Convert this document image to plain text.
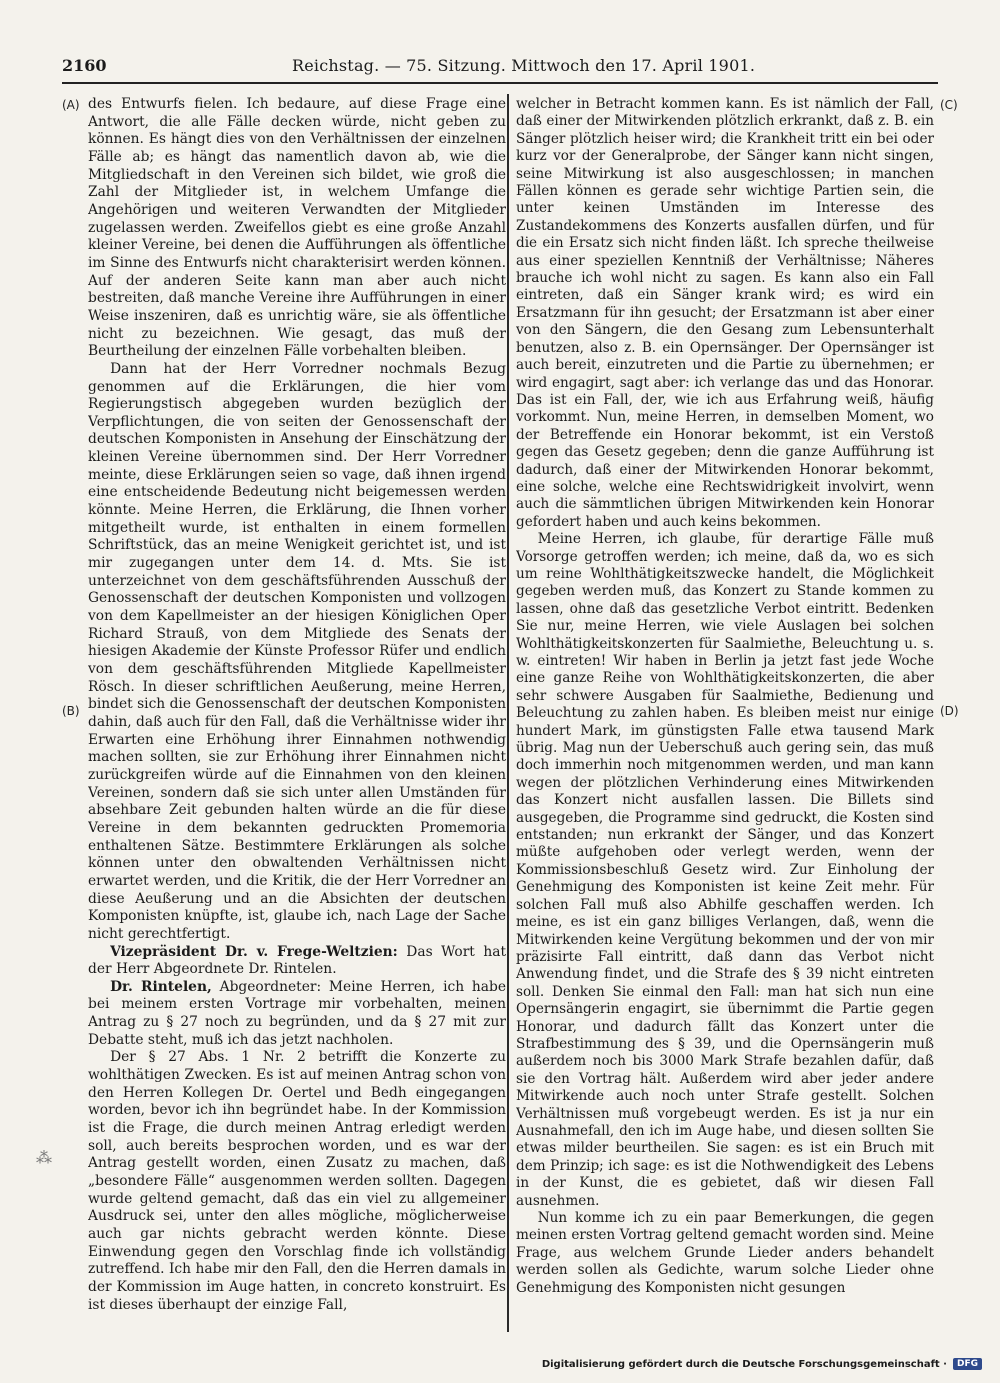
2160	Reichstag. — 75. Sitzung. Mittwoch den 17. April 1901.
(A)
(B)
(C)
(D)

des Entwurfs fielen. Ich bedaure, auf diese Frage eine Antwort, die alle Fälle decken würde, nicht geben zu können. Es hängt dies von den Verhältnissen der einzelnen Fälle ab; es hängt das namentlich davon ab, wie die Mitgliedschaft in den Vereinen sich bildet, wie groß die Zahl der Mitglieder ist, in welchem Umfange die Angehörigen und weiteren Verwandten der Mitglieder zugelassen werden. Zweifellos giebt es eine große Anzahl kleiner Vereine, bei denen die Aufführungen als öffentliche im Sinne des Entwurfs nicht charakterisirt werden können. Auf der anderen Seite kann man aber auch nicht bestreiten, daß manche Vereine ihre Aufführungen in einer Weise inszeniren, daß es unrichtig wäre, sie als öffentliche nicht zu bezeichnen. Wie gesagt, das muß der Beurtheilung der einzelnen Fälle vorbehalten bleiben.

Dann hat der Herr Vorredner nochmals Bezug genommen auf die Erklärungen, die hier vom Regierungstisch abgegeben wurden bezüglich der Verpflichtungen, die von seiten der Genossenschaft der deutschen Komponisten in Ansehung der Einschätzung der kleinen Vereine übernommen sind. Der Herr Vorredner meinte, diese Erklärungen seien so vage, daß ihnen irgend eine entscheidende Bedeutung nicht beigemessen werden könnte. Meine Herren, die Erklärung, die Ihnen vorher mitgetheilt wurde, ist enthalten in einem formellen Schriftstück, das an meine Wenigkeit gerichtet ist, und ist mir zugegangen unter dem 14. d. Mts. Sie ist unterzeichnet von dem geschäftsführenden Ausschuß der Genossenschaft der deutschen Komponisten und vollzogen von dem Kapellmeister an der hiesigen Königlichen Oper Richard Strauß, von dem Mitgliede des Senats der hiesigen Akademie der Künste Professor Rüfer und endlich von dem geschäftsführenden Mitgliede Kapellmeister Rösch. In dieser schriftlichen Aeußerung, meine Herren, bindet sich die Genossenschaft der deutschen Komponisten dahin, daß auch für den Fall, daß die Verhältnisse wider ihr Erwarten eine Erhöhung ihrer Einnahmen nothwendig machen sollten, sie zur Erhöhung ihrer Einnahmen nicht zurückgreifen würde auf die Einnahmen von den kleinen Vereinen, sondern daß sie sich unter allen Umständen für absehbare Zeit gebunden halten würde an die für diese Vereine in dem bekannten gedruckten Promemoria enthaltenen Sätze. Bestimmtere Erklärungen als solche können unter den obwaltenden Verhältnissen nicht erwartet werden, und die Kritik, die der Herr Vorredner an diese Aeußerung und an die Absichten der deutschen Komponisten knüpfte, ist, glaube ich, nach Lage der Sache nicht gerechtfertigt.

Vizepräsident Dr. v. Frege-Weltzien: Das Wort hat der Herr Abgeordnete Dr. Rintelen.

Dr. Rintelen, Abgeordneter: Meine Herren, ich habe bei meinem ersten Vortrage mir vorbehalten, meinen Antrag zu § 27 noch zu begründen, und da § 27 mit zur Debatte steht, muß ich das jetzt nachholen.

Der § 27 Abs. 1 Nr. 2 betrifft die Konzerte zu wohlthätigen Zwecken. Es ist auf meinen Antrag schon von den Herren Kollegen Dr. Oertel und Bedh eingegangen worden, bevor ich ihn begründet habe. In der Kommission ist die Frage, die durch meinen Antrag erledigt werden soll, auch bereits besprochen worden, und es war der Antrag gestellt worden, einen Zusatz zu machen, daß „besondere Fälle“ ausgenommen werden sollten. Dagegen wurde geltend gemacht, daß das ein viel zu allgemeiner Ausdruck sei, unter den alles mögliche, möglicherweise auch gar nichts gebracht werden könnte. Diese Einwendung gegen den Vorschlag finde ich vollständig zutreffend. Ich habe mir den Fall, den die Herren damals in der Kommission im Auge hatten, in concreto konstruirt. Es ist dieses überhaupt der einzige Fall,

welcher in Betracht kommen kann. Es ist nämlich der Fall, daß einer der Mitwirkenden plötzlich erkrankt, daß z. B. ein Sänger plötzlich heiser wird; die Krankheit tritt ein bei oder kurz vor der Generalprobe, der Sänger kann nicht singen, seine Mitwirkung ist also ausgeschlossen; in manchen Fällen können es gerade sehr wichtige Partien sein, die unter keinen Umständen im Interesse des Zustandekommens des Konzerts ausfallen dürfen, und für die ein Ersatz sich nicht finden läßt. Ich spreche theilweise aus einer speziellen Kenntniß der Verhältnisse; Näheres brauche ich wohl nicht zu sagen. Es kann also ein Fall eintreten, daß ein Sänger krank wird; es wird ein Ersatzmann für ihn gesucht; der Ersatzmann ist aber einer von den Sängern, die den Gesang zum Lebensunterhalt benutzen, also z. B. ein Opernsänger. Der Opernsänger ist auch bereit, einzutreten und die Partie zu übernehmen; er wird engagirt, sagt aber: ich verlange das und das Honorar. Das ist ein Fall, der, wie ich aus Erfahrung weiß, häufig vorkommt. Nun, meine Herren, in demselben Moment, wo der Betreffende ein Honorar bekommt, ist ein Verstoß gegen das Gesetz gegeben; denn die ganze Aufführung ist dadurch, daß einer der Mitwirkenden Honorar bekommt, eine solche, welche eine Rechtswidrigkeit involvirt, wenn auch die sämmtlichen übrigen Mitwirkenden kein Honorar gefordert haben und auch keins bekommen.

Meine Herren, ich glaube, für derartige Fälle muß Vorsorge getroffen werden; ich meine, daß da, wo es sich um reine Wohlthätigkeitszwecke handelt, die Möglichkeit gegeben werden muß, das Konzert zu Stande kommen zu lassen, ohne daß das gesetzliche Verbot eintritt. Bedenken Sie nur, meine Herren, wie viele Auslagen bei solchen Wohlthätigkeitskonzerten für Saalmiethe, Beleuchtung u. s. w. eintreten! Wir haben in Berlin ja jetzt fast jede Woche eine ganze Reihe von Wohlthätigkeitskonzerten, die aber sehr schwere Ausgaben für Saalmiethe, Bedienung und Beleuchtung zu zahlen haben. Es bleiben meist nur einige hundert Mark, im günstigsten Falle etwa tausend Mark übrig. Mag nun der Ueberschuß auch gering sein, das muß doch immerhin noch mitgenommen werden, und man kann wegen der plötzlichen Verhinderung eines Mitwirkenden das Konzert nicht ausfallen lassen. Die Billets sind ausgegeben, die Programme sind gedruckt, die Kosten sind entstanden; nun erkrankt der Sänger, und das Konzert müßte aufgehoben oder verlegt werden, wenn der Kommissionsbeschluß Gesetz wird. Zur Einholung der Genehmigung des Komponisten ist keine Zeit mehr. Für solchen Fall muß also Abhilfe geschaffen werden. Ich meine, es ist ein ganz billiges Verlangen, daß, wenn die Mitwirkenden keine Vergütung bekommen und der von mir präzisirte Fall eintritt, daß dann das Verbot nicht Anwendung findet, und die Strafe des § 39 nicht eintreten soll. Denken Sie einmal den Fall: man hat sich nun eine Opernsängerin engagirt, sie übernimmt die Partie gegen Honorar, und dadurch fällt das Konzert unter die Strafbestimmung des § 39, und die Opernsängerin muß außerdem noch bis 3000 Mark Strafe bezahlen dafür, daß sie den Vortrag hält. Außerdem wird aber jeder andere Mitwirkende auch noch unter Strafe gestellt. Solchen Verhältnissen muß vorgebeugt werden. Es ist ja nur ein Ausnahmefall, den ich im Auge habe, und diesen sollten Sie etwas milder beurtheilen. Sie sagen: es ist ein Bruch mit dem Prinzip; ich sage: es ist die Nothwendigkeit des Lebens in der Kunst, die es gebietet, daß wir diesen Fall ausnehmen.

Nun komme ich zu ein paar Bemerkungen, die gegen meinen ersten Vortrag geltend gemacht worden sind. Meine Frage, aus welchem Grunde Lieder anders behandelt werden sollen als Gedichte, warum solche Lieder ohne Genehmigung des Komponisten nicht gesungen

⁂
Digitalisierung gefördert durch die Deutsche Forschungsgemeinschaft ·	DFG
